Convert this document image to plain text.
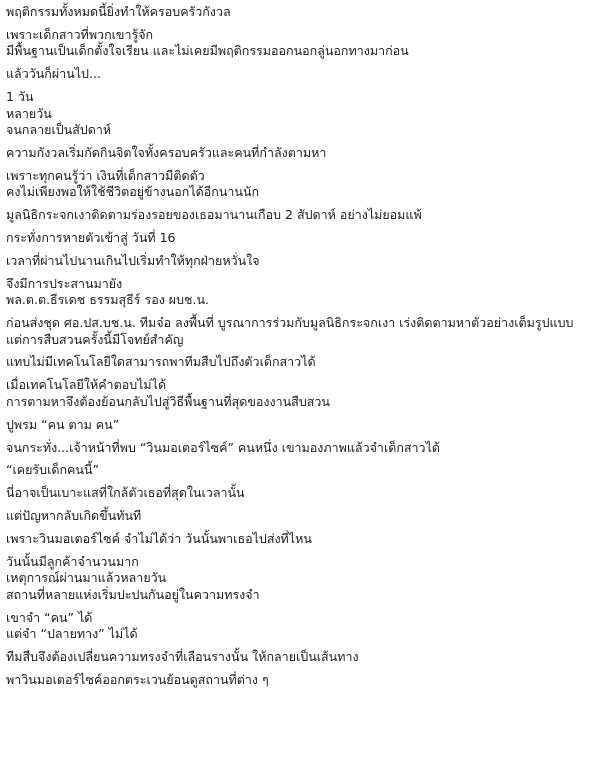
พฤติกรรมทั้งหมดนี้ยิ่งทำให้ครอบครัวกังวล
เพราะเด็กสาวที่พวกเขารู้จัก
มีพื้นฐานเป็นเด็กตั้งใจเรียน และไม่เคยมีพฤติกรรมออกนอกลู่นอกทางมาก่อน
แล้ววันก็ผ่านไป...
1 วัน
หลายวัน
จนกลายเป็นสัปดาห์
ความกังวลเริ่มกัดกินจิตใจทั้งครอบครัวและคนที่กำลังตามหา
เพราะทุกคนรู้ว่า เงินที่เด็กสาวมีติดตัว
คงไม่เพียงพอให้ใช้ชีวิตอยู่ข้างนอกได้อีกนานนัก
มูลนิธิกระจกเงาติดตามร่องรอยของเธอมานานเกือบ 2 สัปดาห์ อย่างไม่ยอมแพ้
กระทั่งการหายตัวเข้าสู่ วันที่ 16
เวลาที่ผ่านไปนานเกินไปเริ่มทำให้ทุกฝ่ายหวั่นใจ
จึงมีการประสานมายัง
พล.ต.ต.ธีรเดช ธรรมสุธีร์ รอง ผบช.น.
ก่อนส่งชุด ศอ.ปส.บช.น. ทีมจ๋อ ลงพื้นที่ บูรณาการร่วมกับมูลนิธิกระจกเงา เร่งติดตามหาตัวอย่างเต็มรูปแบบ
แต่การสืบสวนครั้งนี้มีโจทย์สำคัญ
แทบไม่มีเทคโนโลยีใดสามารถพาทีมสืบไปถึงตัวเด็กสาวได้
เมื่อเทคโนโลยีให้คำตอบไม่ได้
การตามหาจึงต้องย้อนกลับไปสู่วิธีพื้นฐานที่สุดของงานสืบสวน
ปูพรม “คน ตาม คน”
จนกระทั่ง...เจ้าหน้าที่พบ “วินมอเตอร์ไซค์” คนหนึ่ง เขามองภาพแล้วจำเด็กสาวได้
“เคยรับเด็กคนนี้”
นี่อาจเป็นเบาะแสที่ใกล้ตัวเธอที่สุดในเวลานั้น
แต่ปัญหากลับเกิดขึ้นทันที
เพราะวินมอเตอร์ไซค์ จำไม่ได้ว่า วันนั้นพาเธอไปส่งที่ไหน
วันนั้นมีลูกค้าจำนวนมาก
เหตุการณ์ผ่านมาแล้วหลายวัน
สถานที่หลายแห่งเริ่มปะปนกันอยู่ในความทรงจำ
เขาจำ “คน” ได้
แต่จำ “ปลายทาง” ไม่ได้
ทีมสืบจึงต้องเปลี่ยนความทรงจำที่เลือนรางนั้น ให้กลายเป็นเส้นทาง
พาวินมอเตอร์ไซค์ออกตระเวนย้อนดูสถานที่ต่าง ๆ
